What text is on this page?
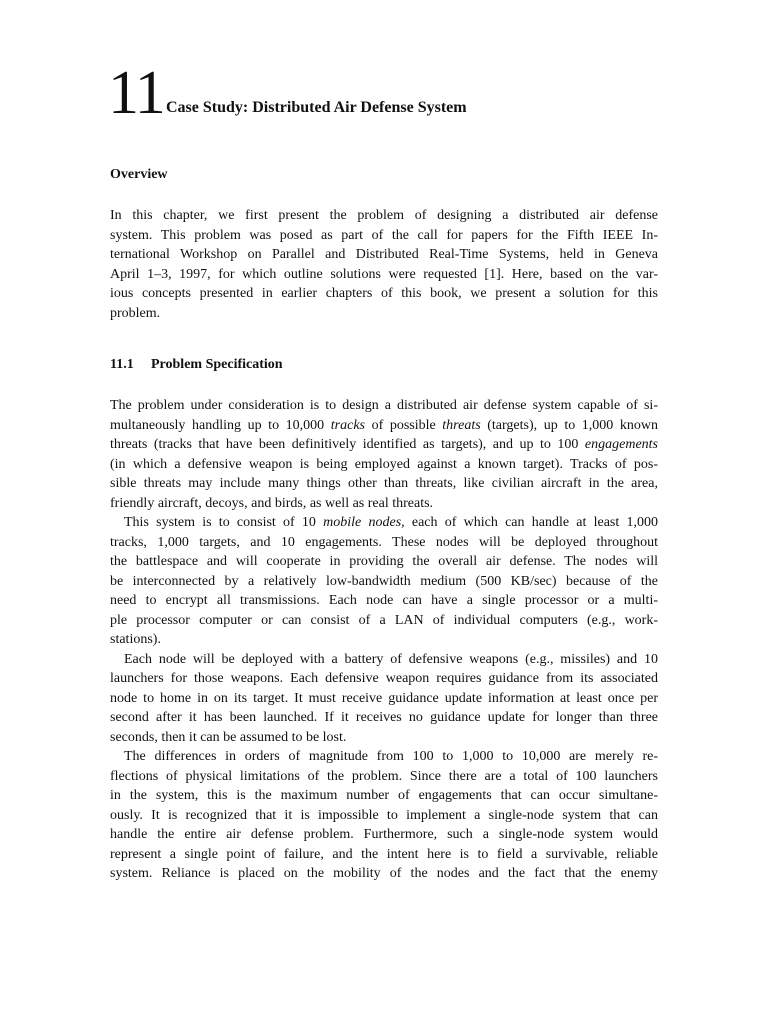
11 Case Study: Distributed Air Defense System
Overview
In this chapter, we first present the problem of designing a distributed air defense
system. This problem was posed as part of the call for papers for the Fifth IEEE In-
ternational Workshop on Parallel and Distributed Real-Time Systems, held in Geneva
April 1–3, 1997, for which outline solutions were requested [1]. Here, based on the var-
ious concepts presented in earlier chapters of this book, we present a solution for this
problem.
11.1 Problem Specification
The problem under consideration is to design a distributed air defense system capable of si-
multaneously handling up to 10,000 tracks of possible threats (targets), up to 1,000 known
threats (tracks that have been definitively identified as targets), and up to 100 engagements
(in which a defensive weapon is being employed against a known target). Tracks of pos-
sible threats may include many things other than threats, like civilian aircraft in the area,
friendly aircraft, decoys, and birds, as well as real threats.
This system is to consist of 10 mobile nodes, each of which can handle at least 1,000
tracks, 1,000 targets, and 10 engagements. These nodes will be deployed throughout
the battlespace and will cooperate in providing the overall air defense. The nodes will
be interconnected by a relatively low-bandwidth medium (500 KB/sec) because of the
need to encrypt all transmissions. Each node can have a single processor or a multi-
ple processor computer or can consist of a LAN of individual computers (e.g., work-
stations).
Each node will be deployed with a battery of defensive weapons (e.g., missiles) and 10
launchers for those weapons. Each defensive weapon requires guidance from its associated
node to home in on its target. It must receive guidance update information at least once per
second after it has been launched. If it receives no guidance update for longer than three
seconds, then it can be assumed to be lost.
The differences in orders of magnitude from 100 to 1,000 to 10,000 are merely re-
flections of physical limitations of the problem. Since there are a total of 100 launchers
in the system, this is the maximum number of engagements that can occur simultane-
ously. It is recognized that it is impossible to implement a single-node system that can
handle the entire air defense problem. Furthermore, such a single-node system would
represent a single point of failure, and the intent here is to field a survivable, reliable
system. Reliance is placed on the mobility of the nodes and the fact that the enemy
